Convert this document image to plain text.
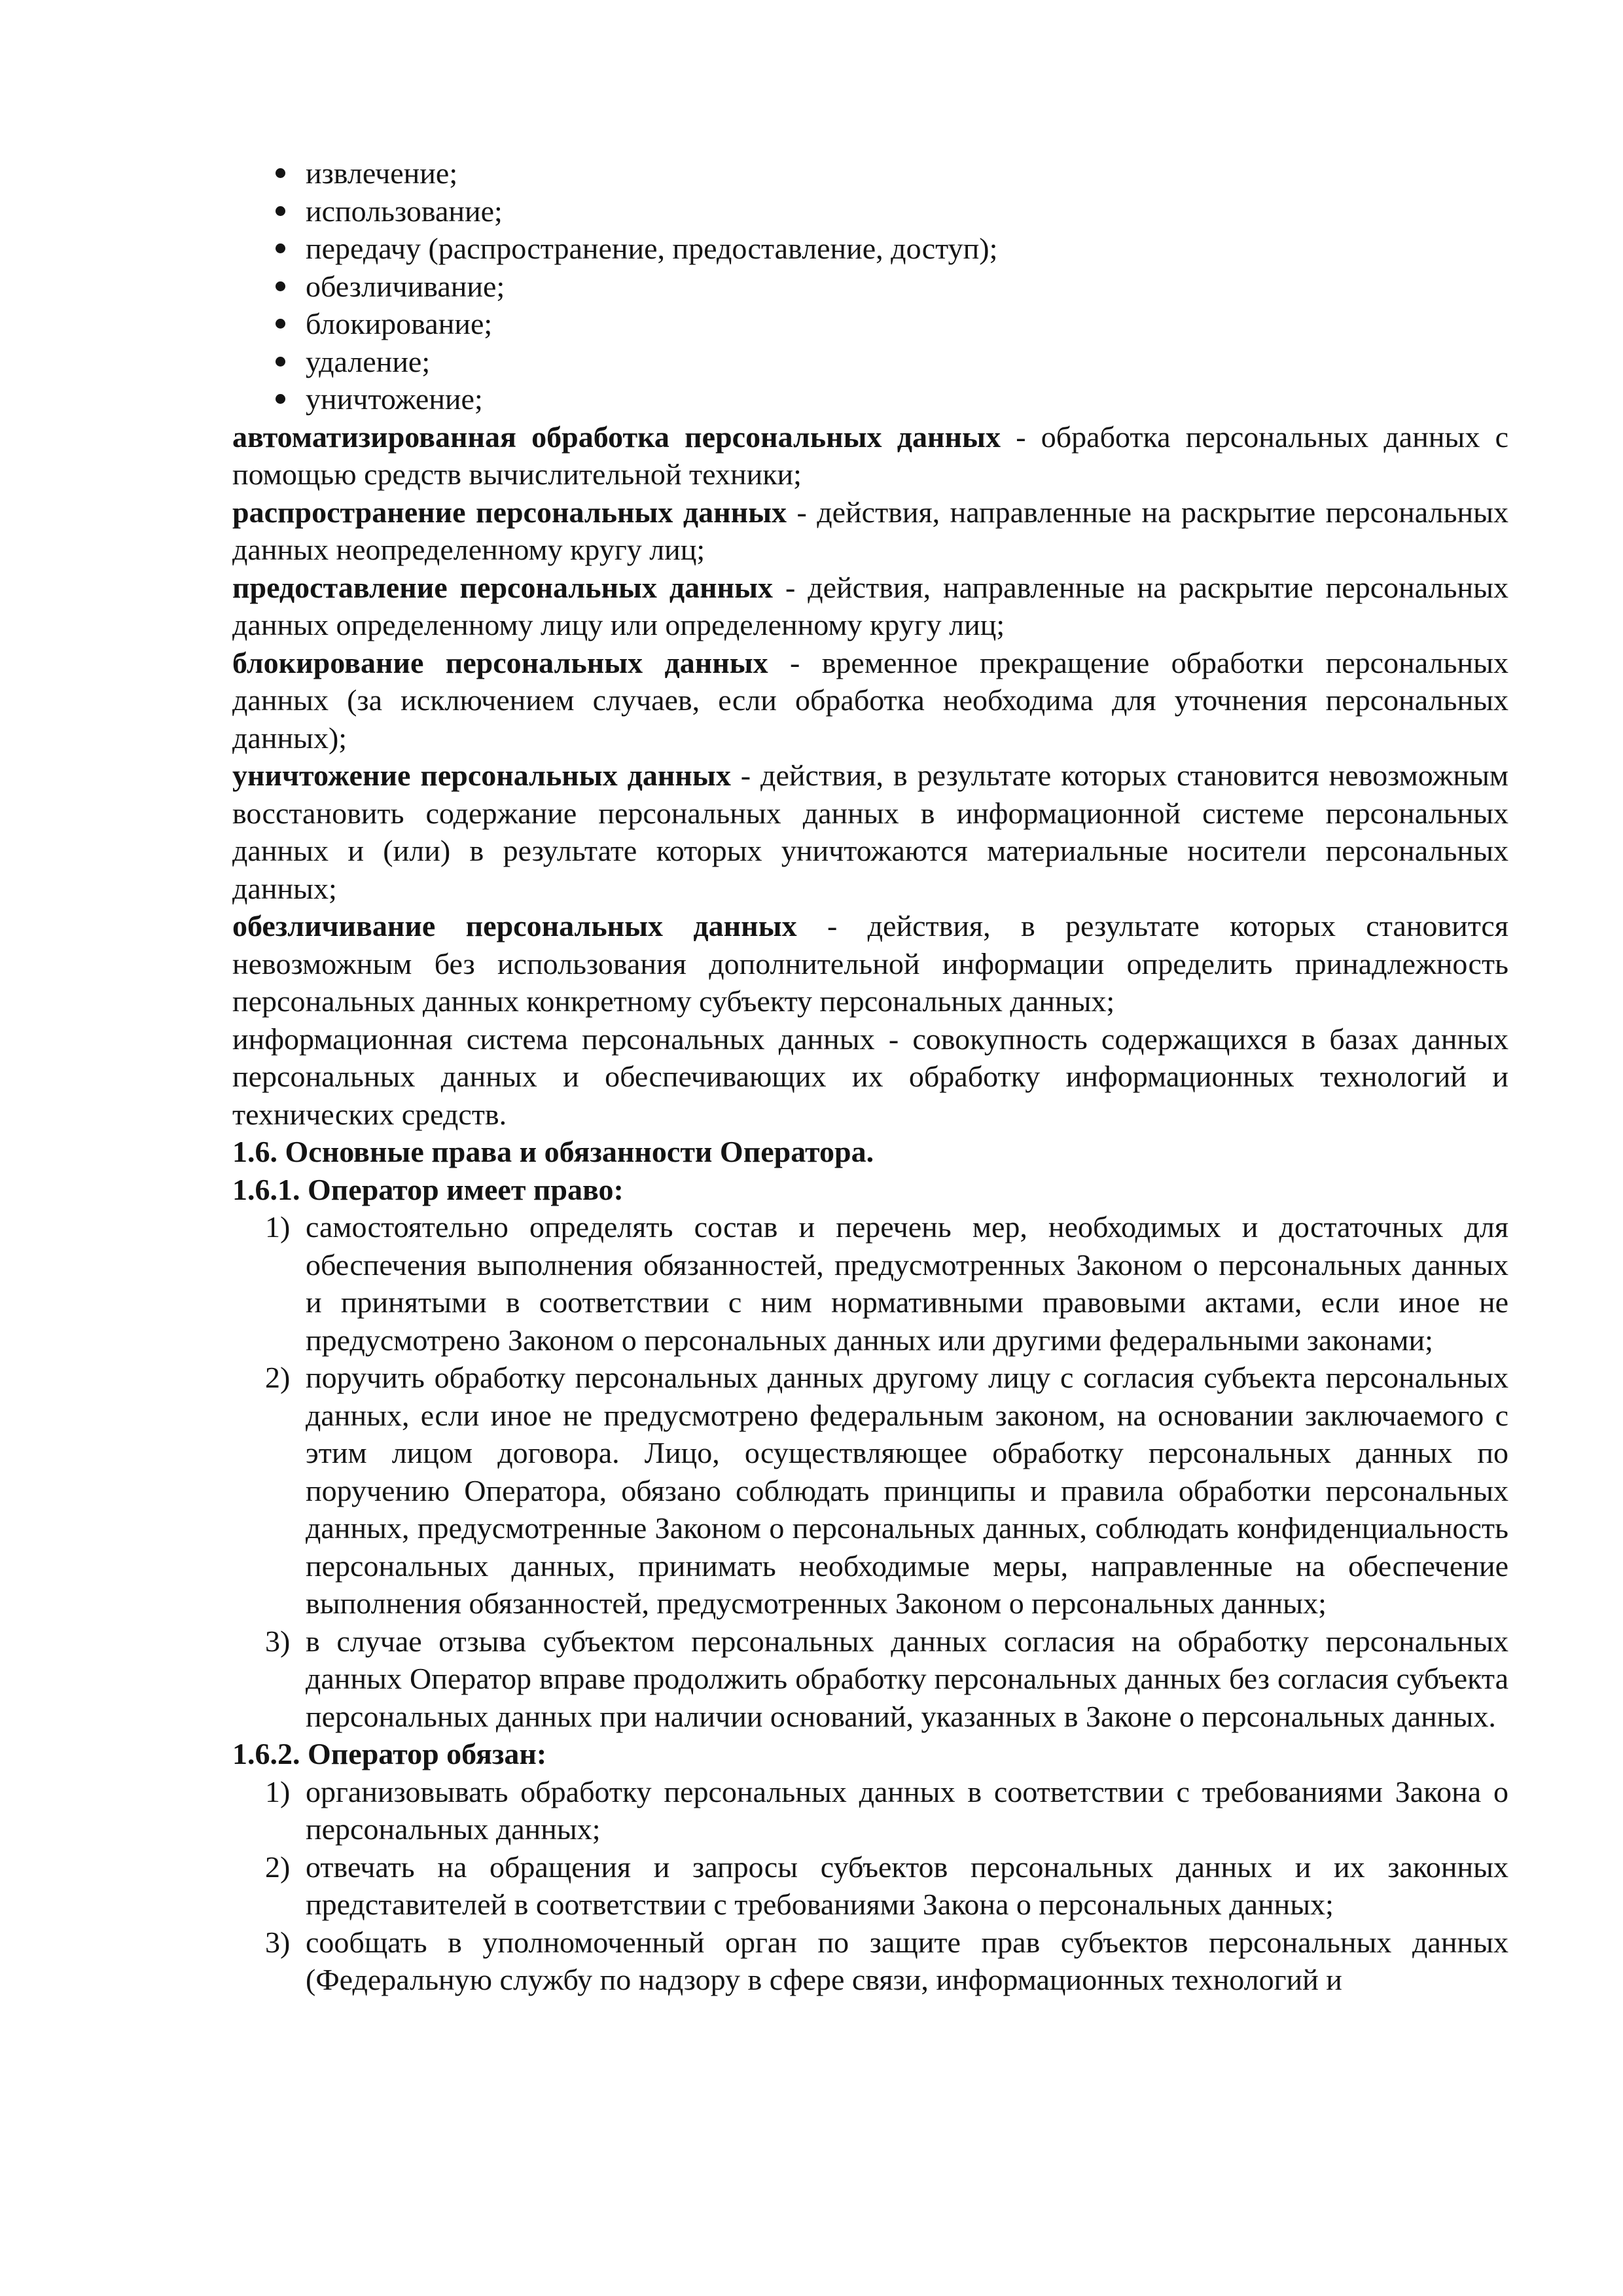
извлечение;
использование;
передачу (распространение, предоставление, доступ);
обезличивание;
блокирование;
удаление;
уничтожение;

автоматизированная обработка персональных данных - обработка персональных данных с помощью средств вычислительной техники;

распространение персональных данных - действия, направленные на раскрытие персональных данных неопределенному кругу лиц;

предоставление персональных данных - действия, направленные на раскрытие персональных данных определенному лицу или определенному кругу лиц;

блокирование персональных данных - временное прекращение обработки персональных данных (за исключением случаев, если обработка необходима для уточнения персональных данных);

уничтожение персональных данных - действия, в результате которых становится невозможным восстановить содержание персональных данных в информационной системе персональных данных и (или) в результате которых уничтожаются материальные носители персональных данных;

обезличивание персональных данных - действия, в результате которых становится невозможным без использования дополнительной информации определить принадлежность персональных данных конкретному субъекту персональных данных;

информационная система персональных данных - совокупность содержащихся в базах данных персональных данных и обеспечивающих их обработку информационных технологий и технических средств.

1.6. Основные права и обязанности Оператора.

1.6.1. Оператор имеет право:

1) самостоятельно определять состав и перечень мер, необходимых и достаточных для обеспечения выполнения обязанностей, предусмотренных Законом о персональных данных и принятыми в соответствии с ним нормативными правовыми актами, если иное не предусмотрено Законом о персональных данных или другими федеральными законами;
2) поручить обработку персональных данных другому лицу с согласия субъекта персональных данных, если иное не предусмотрено федеральным законом, на основании заключаемого с этим лицом договора. Лицо, осуществляющее обработку персональных данных по поручению Оператора, обязано соблюдать принципы и правила обработки персональных данных, предусмотренные Законом о персональных данных, соблюдать конфиденциальность персональных данных, принимать необходимые меры, направленные на обеспечение выполнения обязанностей, предусмотренных Законом о персональных данных;
3) в случае отзыва субъектом персональных данных согласия на обработку персональных данных Оператор вправе продолжить обработку персональных данных без согласия субъекта персональных данных при наличии оснований, указанных в Законе о персональных данных.

1.6.2. Оператор обязан:

1) организовывать обработку персональных данных в соответствии с требованиями Закона о персональных данных;
2) отвечать на обращения и запросы субъектов персональных данных и их законных представителей в соответствии с требованиями Закона о персональных данных;
3) сообщать в уполномоченный орган по защите прав субъектов персональных данных (Федеральную службу по надзору в сфере связи, информационных технологий и
